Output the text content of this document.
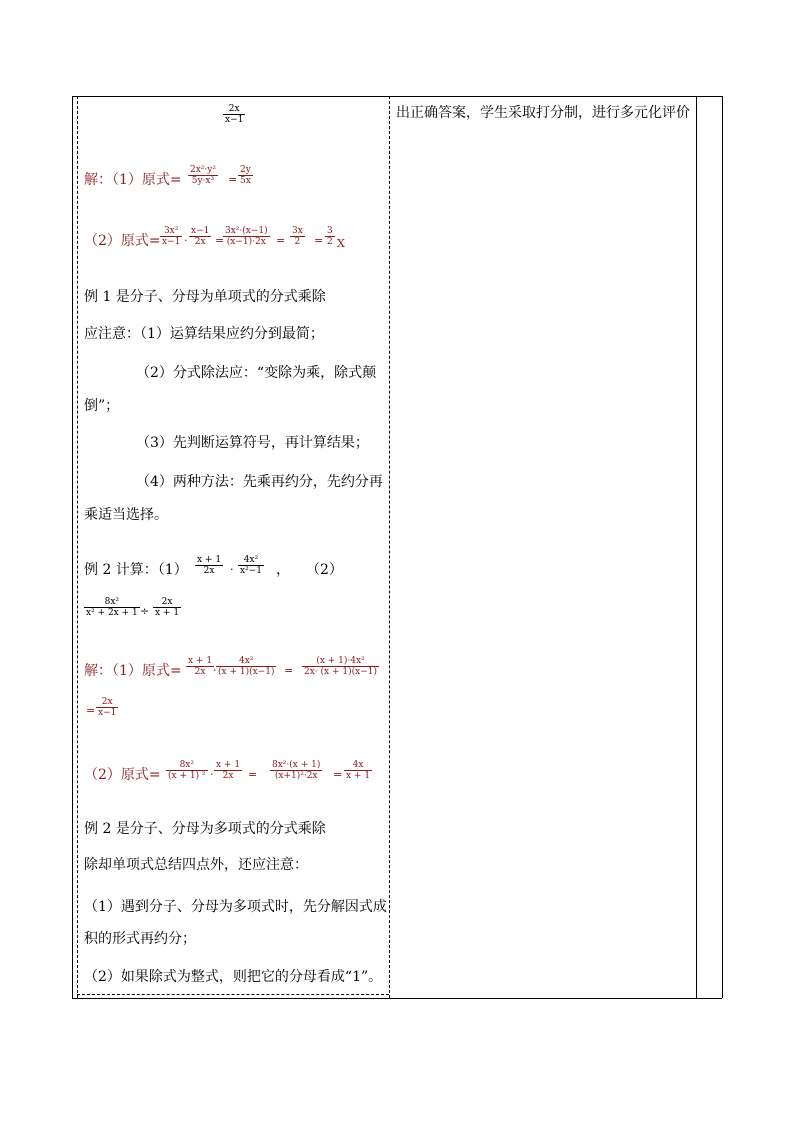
出正确答案，学生采取打分制，进行多元化评价
$\frac{2x}{x-1}$
解：（1）原式= $\frac{\text{2x²·y²}}{\text{5y·x³}} = \frac{2y}{5x}$
（2）原式= $\frac{\text{3x²}}{x-1} \cdot \frac{x-1}{2x}$ =
$\frac{\text{3x²·(x−1)}}{(x-1)\cdot 2x} = \frac{3x}{2} = \frac{3}{2}$ X
例 1 是分子、分母为单项式的分式乘除
应注意：（1）运算结果应约分到最简；
（2）分式除法应：“变除为乘，除式颠
倒”；
（3）先判断运算符号，再计算结果；
（4）两种方法：先乘再约分，先约分再
乘适当选择。
例 2 计算：$(1) \frac{x + 1}{2x} \cdot \frac{\text{4x²}}{\text{x²−1}}$ ， （2）
$\frac{\text{8x²}}{\text{x² + 2x + 1}} \div \frac{2x}{x + 1}$
解：（1）原式= $\frac{x + 1}{2x}$
· $\frac{\text{4x²}}{(x + 1)(x-1)} = \frac{\text{(x + 1)·4x²}}{2x\cdot (x + 1)(x-1)}$
= $\frac{2x}{x-1}$
（2）原式= $\frac{\text{8x²}}{\text{(x + 1) ²}} \cdot \frac{x + 1}{2x} = \frac{\text{8x²·(x + 1)}}{\text{(x+1)²·2x}} = \frac{4x}{x + 1}$
例 2 是分子、分母为多项式的分式乘除
除却单项式总结四点外，还应注意：
（1）遇到分子、分母为多项式时，先分解因式成
积的形式再约分；
（2）如果除式为整式，则把它的分母看成“1”。
